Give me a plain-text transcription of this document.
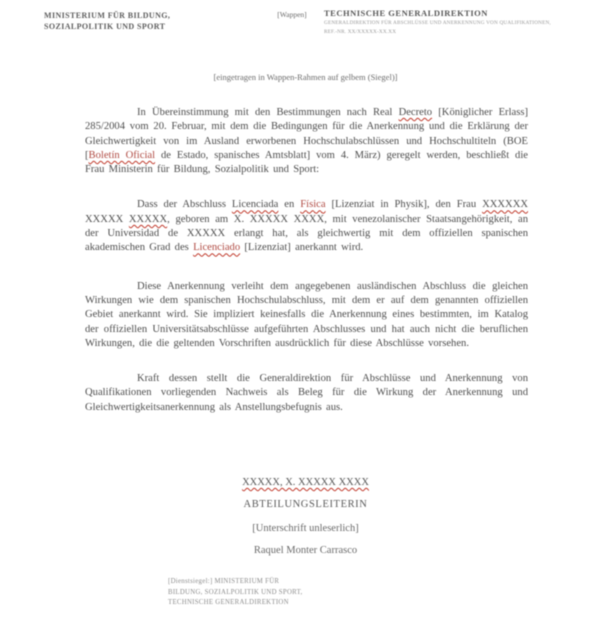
MINISTERIUM FÜR BILDUNG,
SOZIALPOLITIK UND SPORT
[Wappen]	TECHNISCHE GENERALDIREKTION
GENERALDIREKTION FÜR ABSCHLÜSSE UND ANERKENNUNG VON QUALIFIKATIONEN,
REF.-NR. XX/XXXXX-XX.XX
[eingetragen in Wappen-Rahmen auf gelbem (Siegel)]

In Übereinstimmung mit den Bestimmungen nach Real Decreto [Königlicher Erlass] 285/2004 vom 20. Februar, mit dem die Bedingungen für die Anerkennung und die Erklärung der Gleichwertigkeit von im Ausland erworbenen Hochschulabschlüssen und Hochschultiteln (BOE [Boletín Oficial de Estado, spanisches Amtsblatt] vom 4. März) geregelt werden, beschließt die Frau Ministerin für Bildung, Sozialpolitik und Sport:

Dass der Abschluss Licenciada en Física [Lizenziat in Physik], den Frau XXXXXX XXXXX XXXXX, geboren am X. XXXXX XXXX, mit venezolanischer Staatsangehörigkeit, an der Universidad de XXXXX erlangt hat, als gleichwertig mit dem offiziellen spanischen akademischen Grad des Licenciado [Lizenziat] anerkannt wird.

Diese Anerkennung verleiht dem angegebenen ausländischen Abschluss die gleichen Wirkungen wie dem spanischen Hochschulabschluss, mit dem er auf dem genannten offiziellen Gebiet anerkannt wird. Sie impliziert keinesfalls die Anerkennung eines bestimmten, im Katalog der offiziellen Universitätsabschlüsse aufgeführten Abschlusses und hat auch nicht die beruflichen Wirkungen, die die geltenden Vorschriften ausdrücklich für diese Abschlüsse vorsehen.

Kraft dessen stellt die Generaldirektion für Abschlüsse und Anerkennung von Qualifikationen vorliegenden Nachweis als Beleg für die Wirkung der Anerkennung und Gleichwertigkeitsanerkennung als Anstellungsbefugnis aus.

XXXXX, X. XXXXX XXXX
ABTEILUNGSLEITERIN
[Unterschrift unleserlich]
Raquel Monter Carrasco
[Dienstsiegel:] MINISTERIUM FÜR
BILDUNG, SOZIALPOLITIK UND SPORT,
TECHNISCHE GENERALDIREKTION
